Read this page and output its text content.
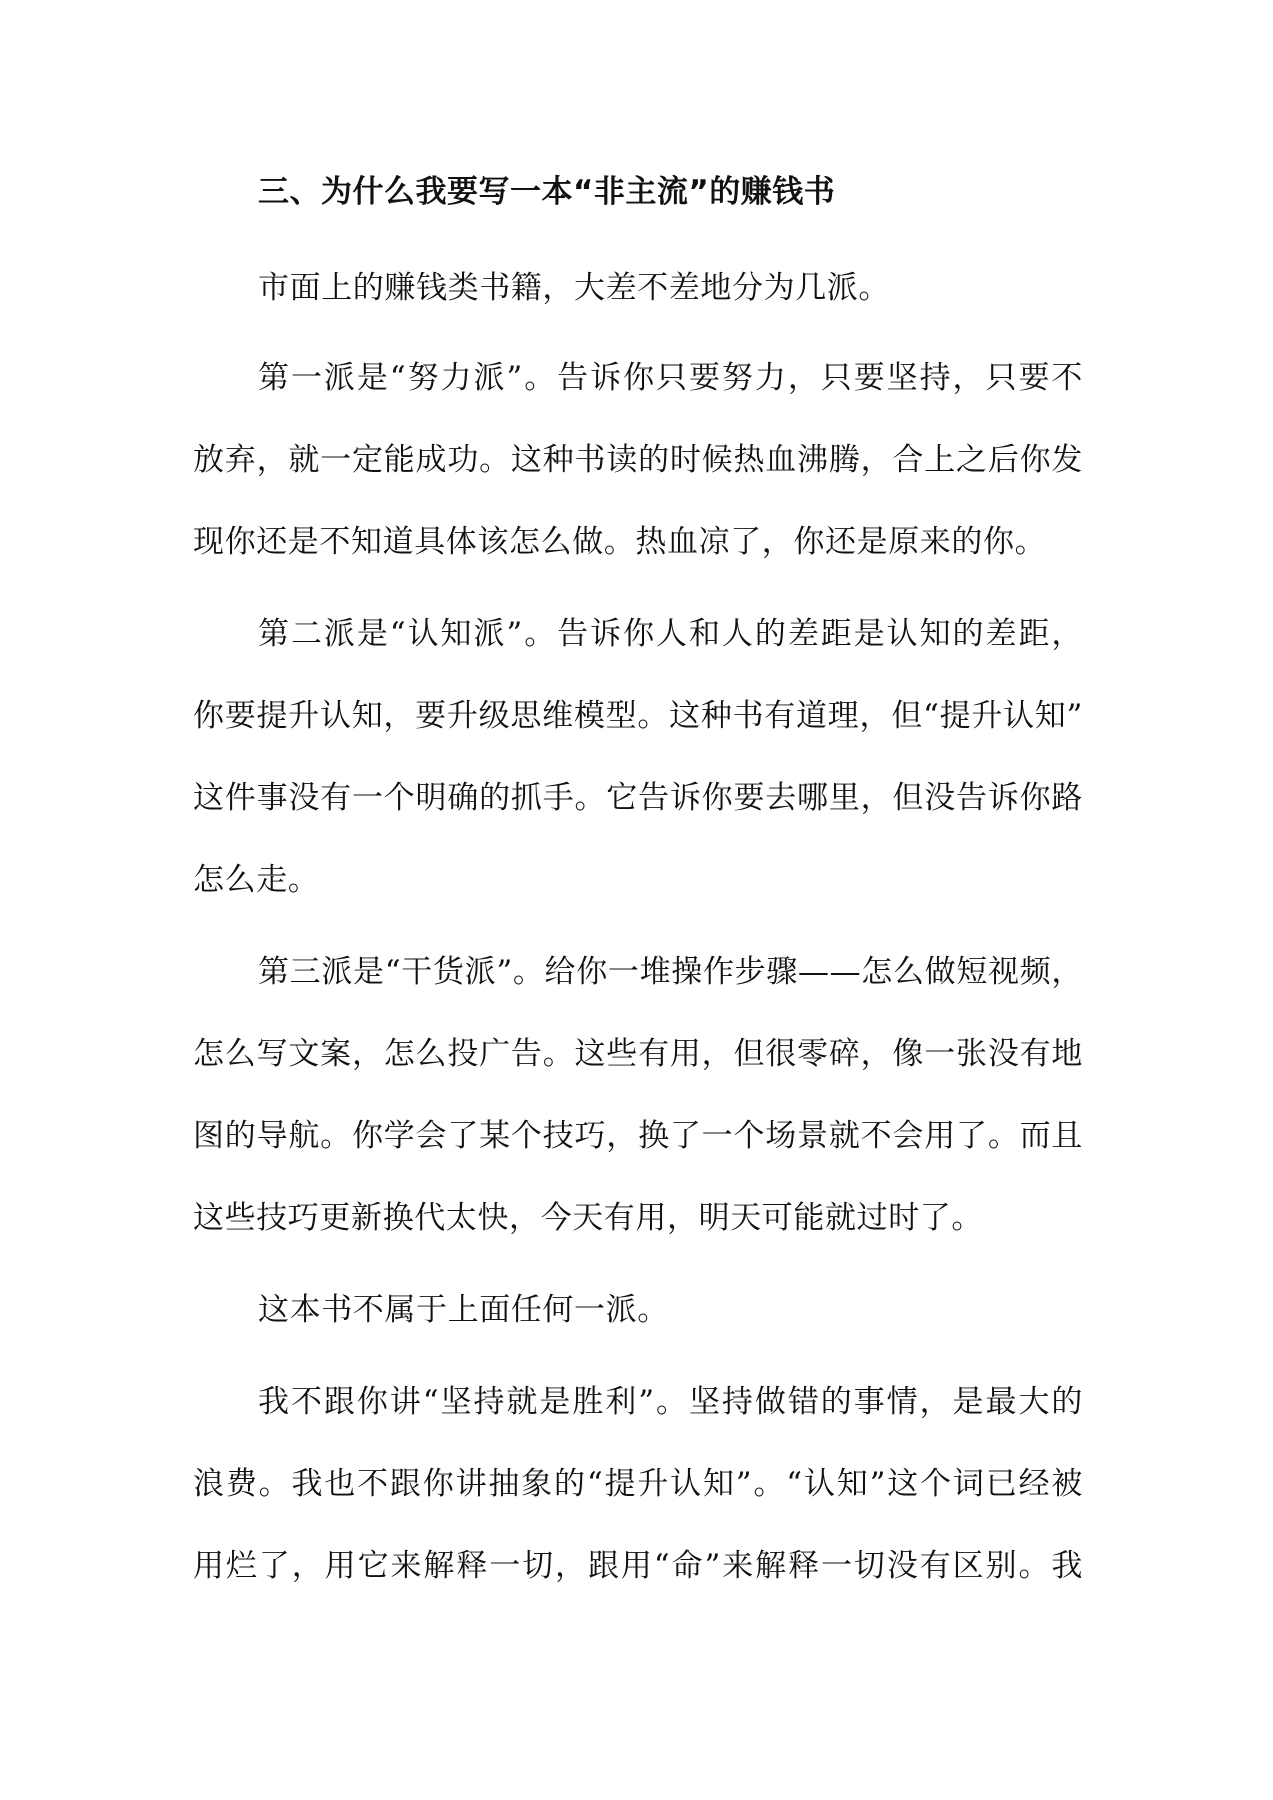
三、为什么我要写一本“非主流”的赚钱书
市面上的赚钱类书籍，大差不差地分为几派。
第一派是“努力派”。告诉你只要努力，只要坚持，只要不
放弃，就一定能成功。这种书读的时候热血沸腾，合上之后你发
现你还是不知道具体该怎么做。热血凉了，你还是原来的你。
第二派是“认知派”。告诉你人和人的差距是认知的差距，
你要提升认知，要升级思维模型。这种书有道理，但“提升认知”
这件事没有一个明确的抓手。它告诉你要去哪里，但没告诉你路
怎么走。
第三派是“干货派”。给你一堆操作步骤——怎么做短视频，
怎么写文案，怎么投广告。这些有用，但很零碎，像一张没有地
图的导航。你学会了某个技巧，换了一个场景就不会用了。而且
这些技巧更新换代太快，今天有用，明天可能就过时了。
这本书不属于上面任何一派。
我不跟你讲“坚持就是胜利”。坚持做错的事情，是最大的
浪费。我也不跟你讲抽象的“提升认知”。“认知”这个词已经被
用烂了，用它来解释一切，跟用“命”来解释一切没有区别。我
